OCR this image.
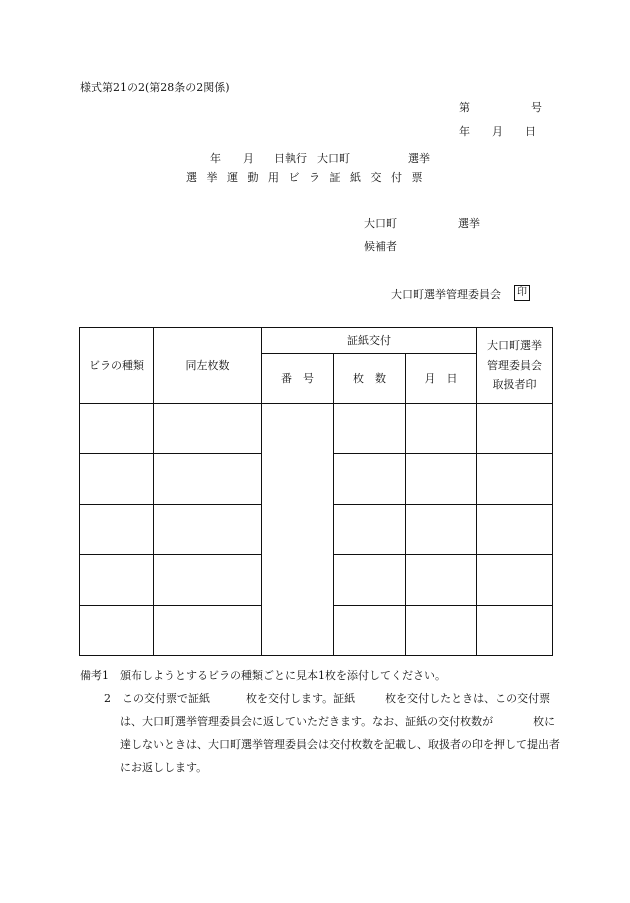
様式第21の2(第28条の2関係)
第	号
年 月 日
年 月 日執行 大口町	選挙
選挙運動用ビラ証紙交付票
大口町	選挙
候補者
大口町選挙管理委員会	印
ビラの種類	同左枚数	証紙交付			大口町選挙
管理委員会
取扱者印

		番　号	枚　数	月　日	

備考1　頒布しようとするビラの種類ごとに見本1枚を添付してください。
2　この交付票で証紙	枚を交付します。証紙	枚を交付したときは、この交付票は、大口町選挙管理委員会に返していただきます。なお、証紙の交付枚数が	枚に達しないときは、大口町選挙管理委員会は交付枚数を記載し、取扱者の印を押して提出者にお返しします。
